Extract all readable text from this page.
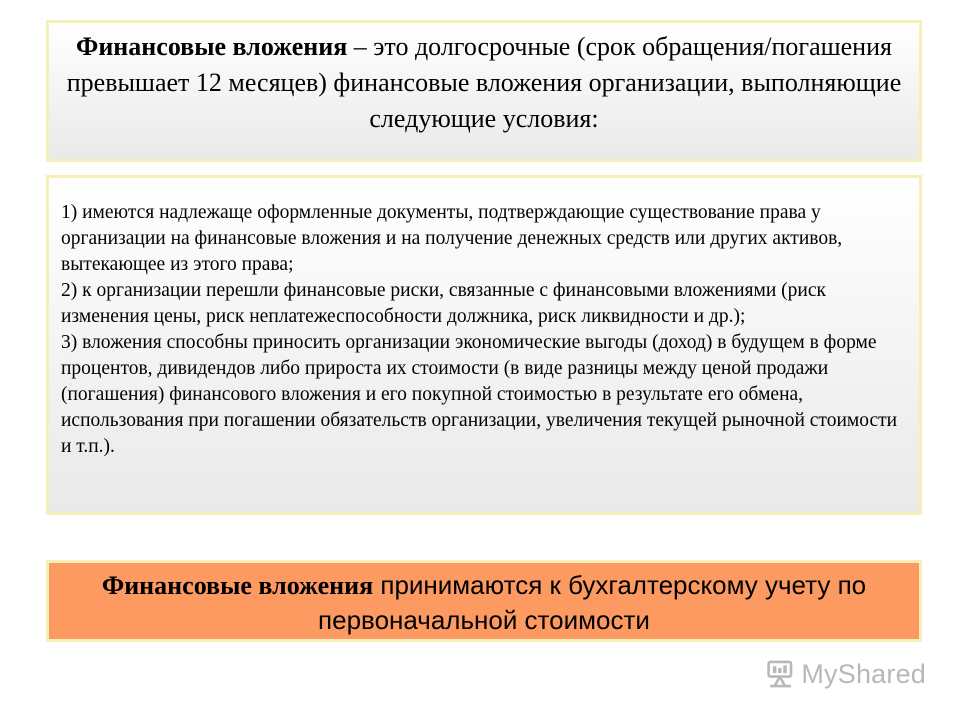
Финансовые вложения – это долгосрочные (срок обращения/погашения превышает 12 месяцев) финансовые вложения организации, выполняющие следующие условия:

1) имеются надлежаще оформленные документы, подтверждающие существование права у организации на финансовые вложения и на получение денежных средств или других активов, вытекающее из этого права;

2) к организации перешли финансовые риски, связанные с финансовыми вложениями (риск изменения цены, риск неплатежеспособности должника, риск ликвидности и др.);

3) вложения способны приносить организации экономические выгоды (доход) в будущем в форме процентов, дивидендов либо прироста их стоимости (в виде разницы между ценой продажи (погашения) финансового вложения и его покупной стоимостью в результате его обмена, использования при погашении обязательств организации, увеличения текущей рыночной стоимости и т.п.).

Финансовые вложения принимаются к бухгалтерскому учету по первоначальной стоимости
MyShared
